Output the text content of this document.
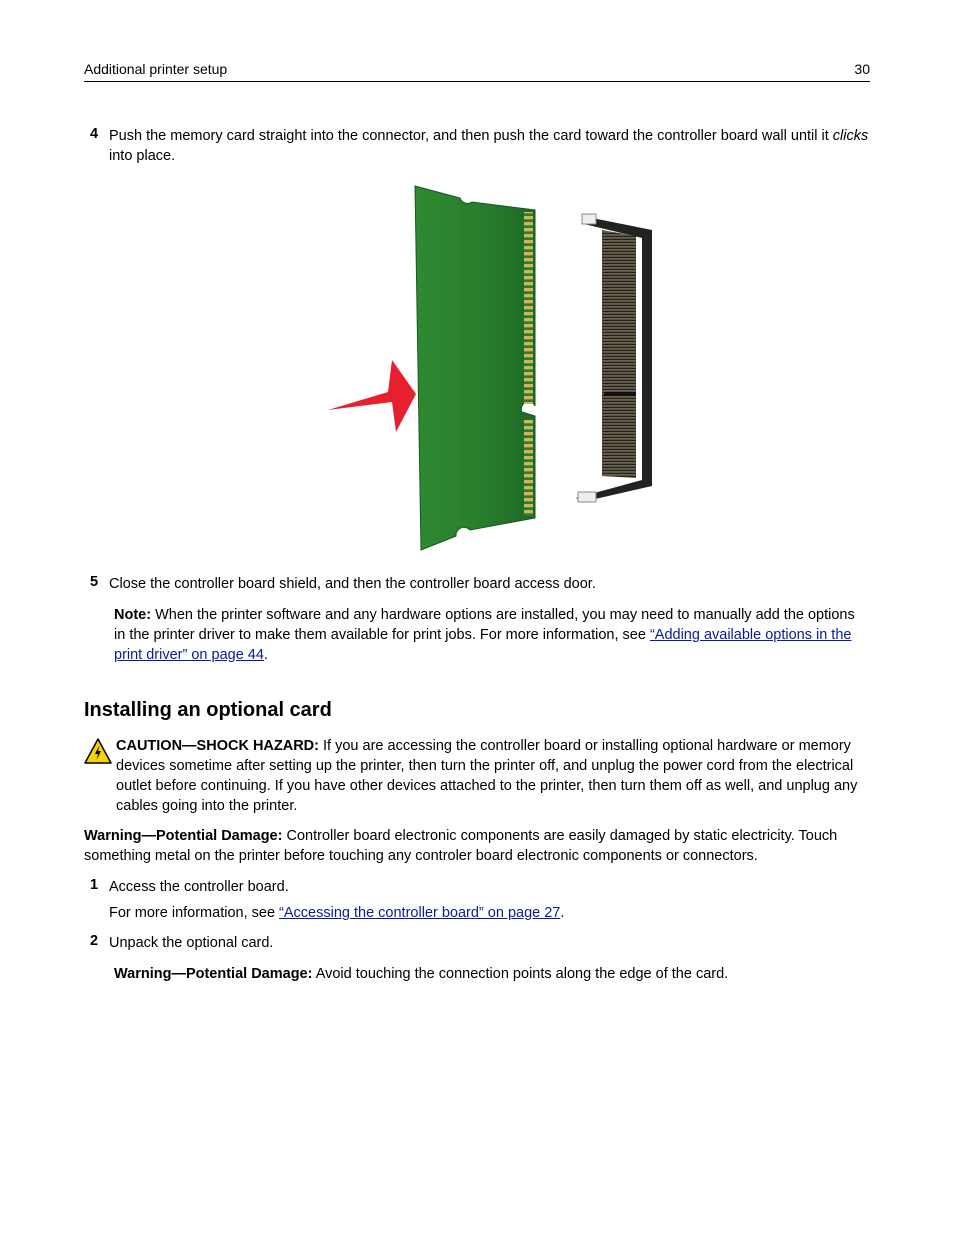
Additional printer setup	30
4 Push the memory card straight into the connector, and then push the card toward the controller board wall until it clicks into place.
5 Close the controller board shield, and then the controller board access door.
Note: When the printer software and any hardware options are installed, you may need to manually add the options in the printer driver to make them available for print jobs. For more information, see “Adding available options in the print driver” on page 44.
Installing an optional card
CAUTION—SHOCK HAZARD: If you are accessing the controller board or installing optional hardware or memory devices sometime after setting up the printer, then turn the printer off, and unplug the power cord from the electrical outlet before continuing. If you have other devices attached to the printer, then turn them off as well, and unplug any cables going into the printer.
Warning—Potential Damage: Controller board electronic components are easily damaged by static electricity. Touch something metal on the printer before touching any controler board electronic components or connectors.
1 Access the controller board.
For more information, see “Accessing the controller board” on page 27.
2 Unpack the optional card.
Warning—Potential Damage: Avoid touching the connection points along the edge of the card.
